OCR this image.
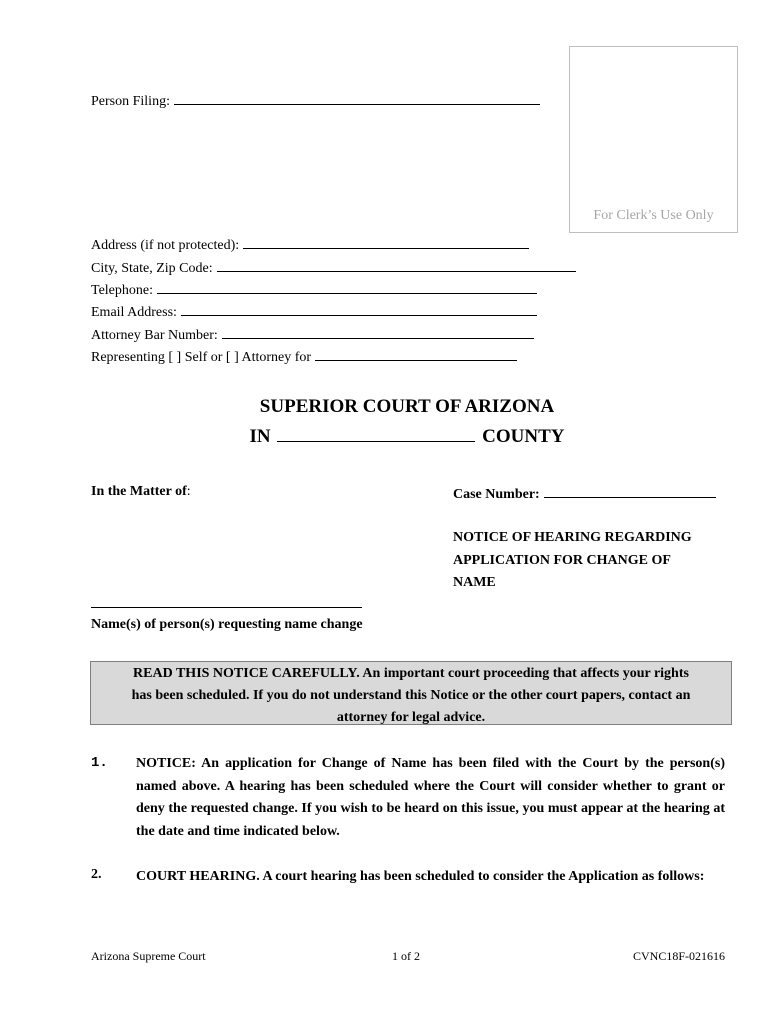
For Clerk’s Use Only
Person Filing:
Address (if not protected):
City, State, Zip Code:
Telephone:
Email Address:
Attorney Bar Number:
Representing [ ] Self or [ ] Attorney for
SUPERIOR COURT OF ARIZONA
IN	COUNTY
In the Matter of:	Case Number:
NOTICE OF HEARING REGARDING
APPLICATION FOR CHANGE OF
NAME
Name(s) of person(s) requesting name change
READ THIS NOTICE CAREFULLY. An important court proceeding that affects your rights
has been scheduled. If you do not understand this Notice or the other court papers, contact an
attorney for legal advice.
1. NOTICE: An application for Change of Name has been filed with the Court by the person(s) named above. A hearing has been scheduled where the Court will consider whether to grant or deny the requested change. If you wish to be heard on this issue, you must appear at the hearing at the date and time indicated below.
2. COURT HEARING. A court hearing has been scheduled to consider the Application as follows:
Arizona Supreme Court	1 of 2	CVNC18F-021616
